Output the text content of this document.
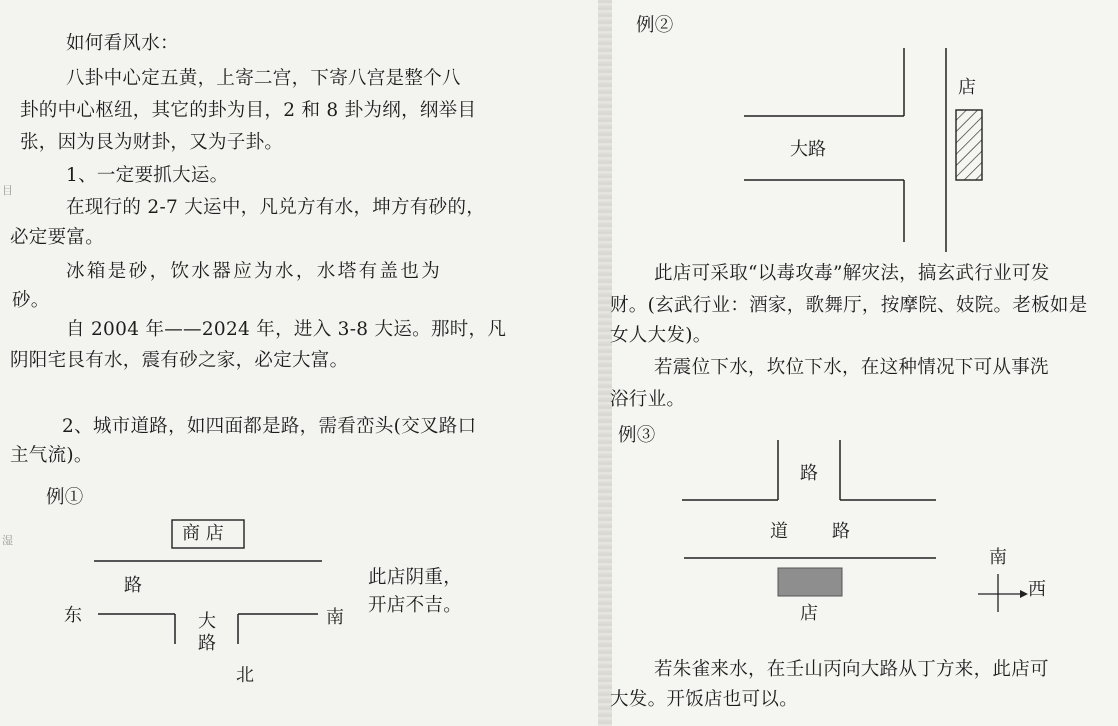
如何看风水：
八卦中心定五黄，上寄二宫，下寄八宫是整个八
卦的中心枢纽，其它的卦为目，2 和 8 卦为纲，纲举目
张，因为艮为财卦，又为子卦。
1、一定要抓大运。
在现行的 2-7 大运中，凡兑方有水，坤方有砂的，
必定要富。
冰箱是砂，饮水器应为水，水塔有盖也为
砂。
自 2004 年——2024 年，进入 3-8 大运。那时，凡
阴阳宅艮有水，震有砂之家，必定大富。
2、城市道路，如四面都是路，需看峦头(交叉路口
主气流)。
例①
商 店
路
东	南
大
路
北
此店阴重，
开店不吉。
目
湿
例②
店
大路
此店可采取“以毒攻毒”解灾法，搞玄武行业可发
财。(玄武行业：酒家，歌舞厅，按摩院、妓院。老板如是
女人大发)。
若震位下水，坎位下水，在这种情况下可从事洗
浴行业。
例③
路
道 路
店
南
西
若朱雀来水，在壬山丙向大路从丁方来，此店可
大发。开饭店也可以。
